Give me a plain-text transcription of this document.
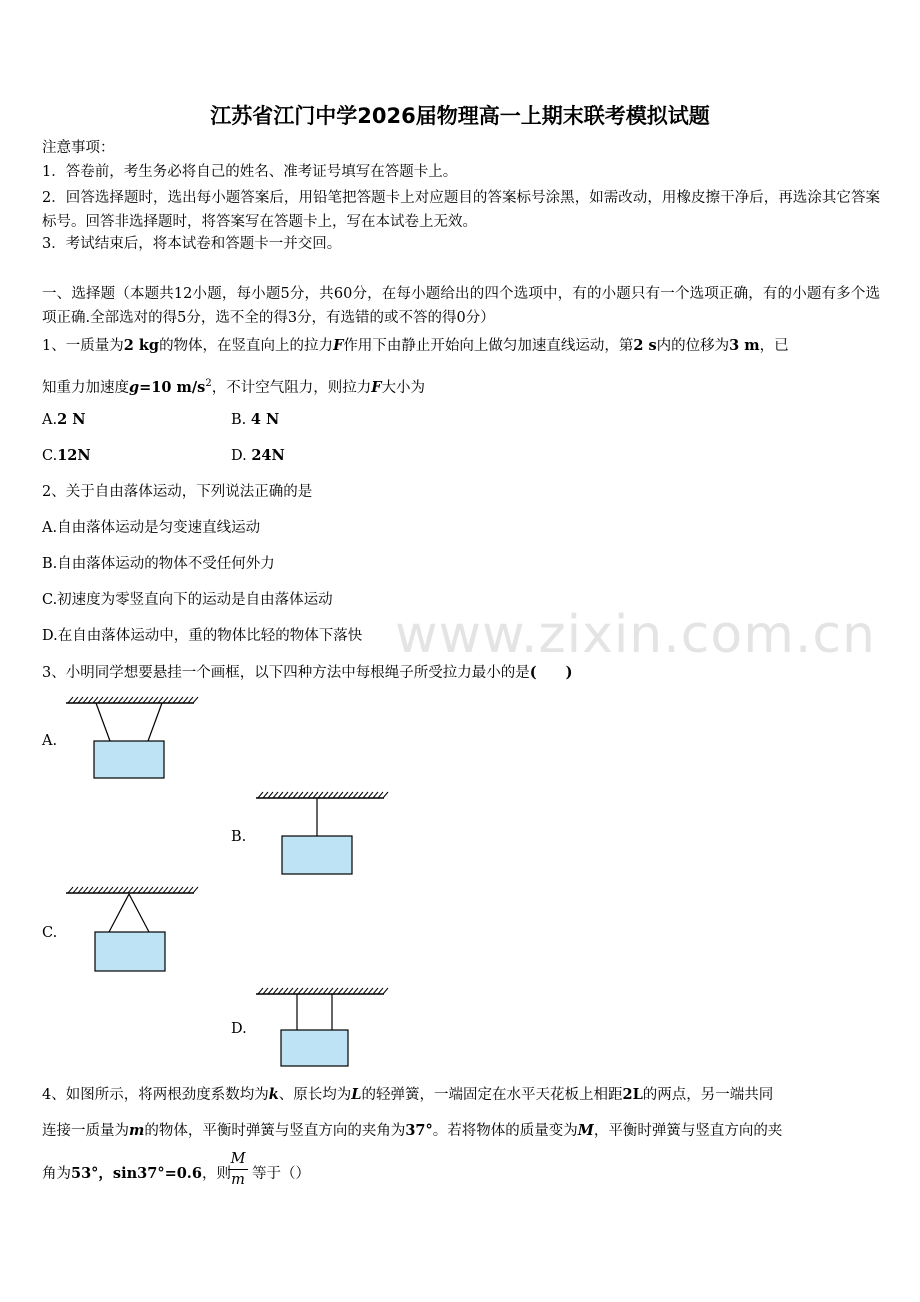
江苏省江门中学2026届物理高一上期末联考模拟试题
注意事项：
1．答卷前，考生务必将自己的姓名、准考证号填写在答题卡上。
2．回答选择题时，选出每小题答案后，用铅笔把答题卡上对应题目的答案标号涂黑，如需改动，用橡皮擦干净后，再选涂其它答案标号。回答非选择题时，将答案写在答题卡上，写在本试卷上无效。
3．考试结束后，将本试卷和答题卡一并交回。
一、选择题（本题共12小题，每小题5分，共60分，在每小题给出的四个选项中，有的小题只有一个选项正确，有的小题有多个选项正确.全部选对的得5分，选不全的得3分，有选错的或不答的得0分）
1、一质量为2 kg的物体，在竖直向上的拉力F作用下由静止开始向上做匀加速直线运动，第2 s内的位移为3 m，已
知重力加速度g=10 $m/s^2$，不计空气阻力，则拉力F大小为
A.2 N	B. 4 N
C.12N	D. 24N
2、关于自由落体运动，下列说法正确的是
A.自由落体运动是匀变速直线运动
B.自由落体运动的物体不受任何外力
C.初速度为零竖直向下的运动是自由落体运动
D.在自由落体运动中，重的物体比轻的物体下落快 www.zixin.com.cn
3、小明同学想要悬挂一个画框，以下四种方法中每根绳子所受拉力最小的是(　　)
A.
B.
C.
D.
4、如图所示，将两根劲度系数均为k、原长均为L的轻弹簧，一端固定在水平天花板上相距2L的两点，另一端共同
连接一质量为m的物体，平衡时弹簧与竖直方向的夹角为37°。若将物体的质量变为M，平衡时弹簧与竖直方向的夹
角为53°，sin37°=0.6，则
M
m 等于（）
